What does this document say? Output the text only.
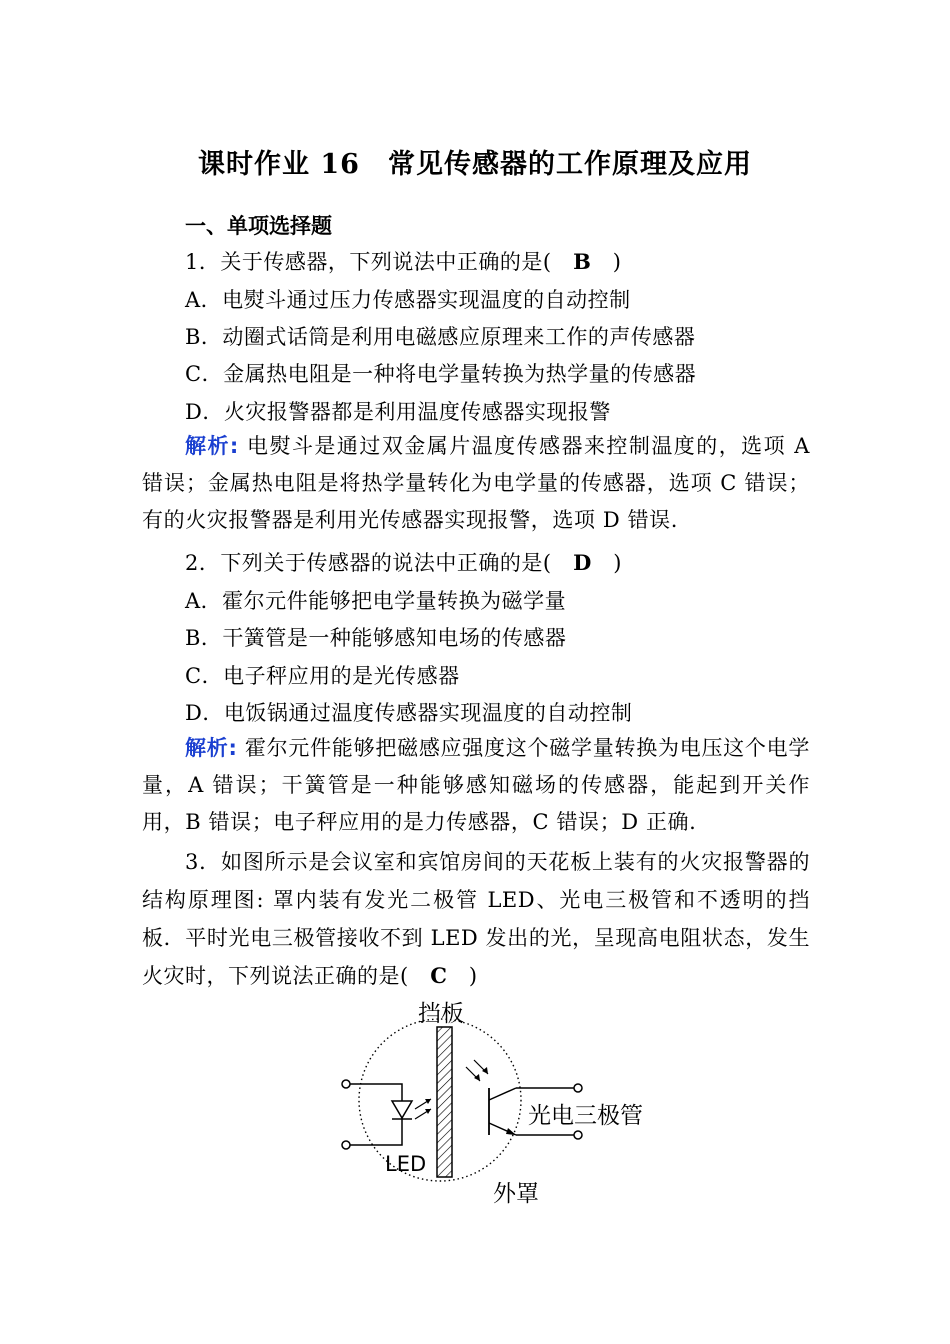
课时作业 16　常见传感器的工作原理及应用
一、单项选择题
1．关于传感器，下列说法中正确的是(　B　)
A．电熨斗通过压力传感器实现温度的自动控制
B．动圈式话筒是利用电磁感应原理来工作的声传感器
C．金属热电阻是一种将电学量转换为热学量的传感器
D．火灾报警器都是利用温度传感器实现报警
解析: 电熨斗是通过双金属片温度传感器来控制温度的，选项 A 错误；金属热电阻是将热学量转化为电学量的传感器，选项 C 错误；有的火灾报警器是利用光传感器实现报警，选项 D 错误.
2．下列关于传感器的说法中正确的是(　D　)
A．霍尔元件能够把电学量转换为磁学量
B．干簧管是一种能够感知电场的传感器
C．电子秤应用的是光传感器
D．电饭锅通过温度传感器实现温度的自动控制
解析: 霍尔元件能够把磁感应强度这个磁学量转换为电压这个电学量，A 错误；干簧管是一种能够感知磁场的传感器，能起到开关作用，B 错误；电子秤应用的是力传感器，C 错误；D 正确.
3．如图所示是会议室和宾馆房间的天花板上装有的火灾报警器的结构原理图: 罩内装有发光二极管 LED、光电三极管和不透明的挡板．平时光电三极管接收不到 LED 发出的光，呈现高电阻状态，发生火灾时，下列说法正确的是(　C　)
挡板
LED
光电三极管
外罩
